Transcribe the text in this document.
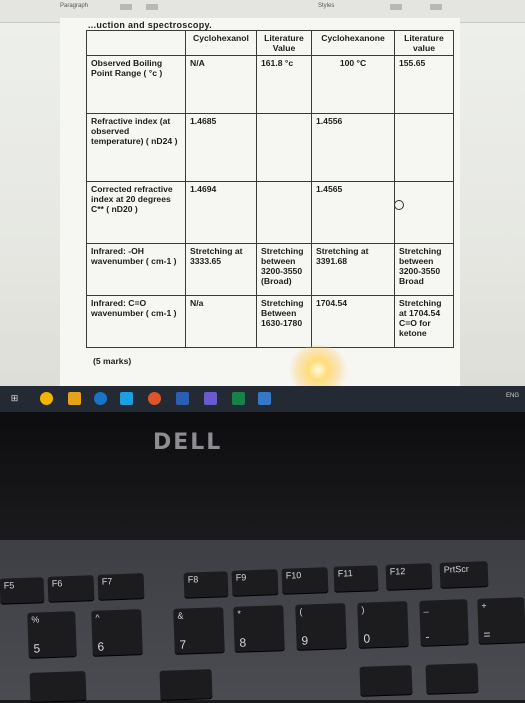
Paragraph	Styles
...uction and spectroscopy.
	Cyclohexanol	Literature Value	Cyclohexanone	Literature value
Observed Boiling Point Range ( °c )	N/A	161.8 °c	100 °C	155.65
Refractive index (at observed temperature) ( nD24 )	1.4685		1.4556	
Corrected refractive index at 20 degrees C** ( nD20 )	1.4694		1.4565	
Infrared: -OH wavenumber ( cm-1 )	Stretching at 3333.65	Stretching between 3200-3550 (Broad)	Stretching at 3391.68	Stretching between 3200-3550 Broad
Infrared: C=O wavenumber ( cm-1 )	N/a	Stretching Between 1630-1780	1704.54	Stretching at 1704.54 C=O for ketone
(5 marks)
⊞	ENG
DELL
F5	F6	F7	F8	F9	F10	F11	F12	PrtScr
%
5
^
6
&
7
*
8
(
9
)
0
_
-
+
=
